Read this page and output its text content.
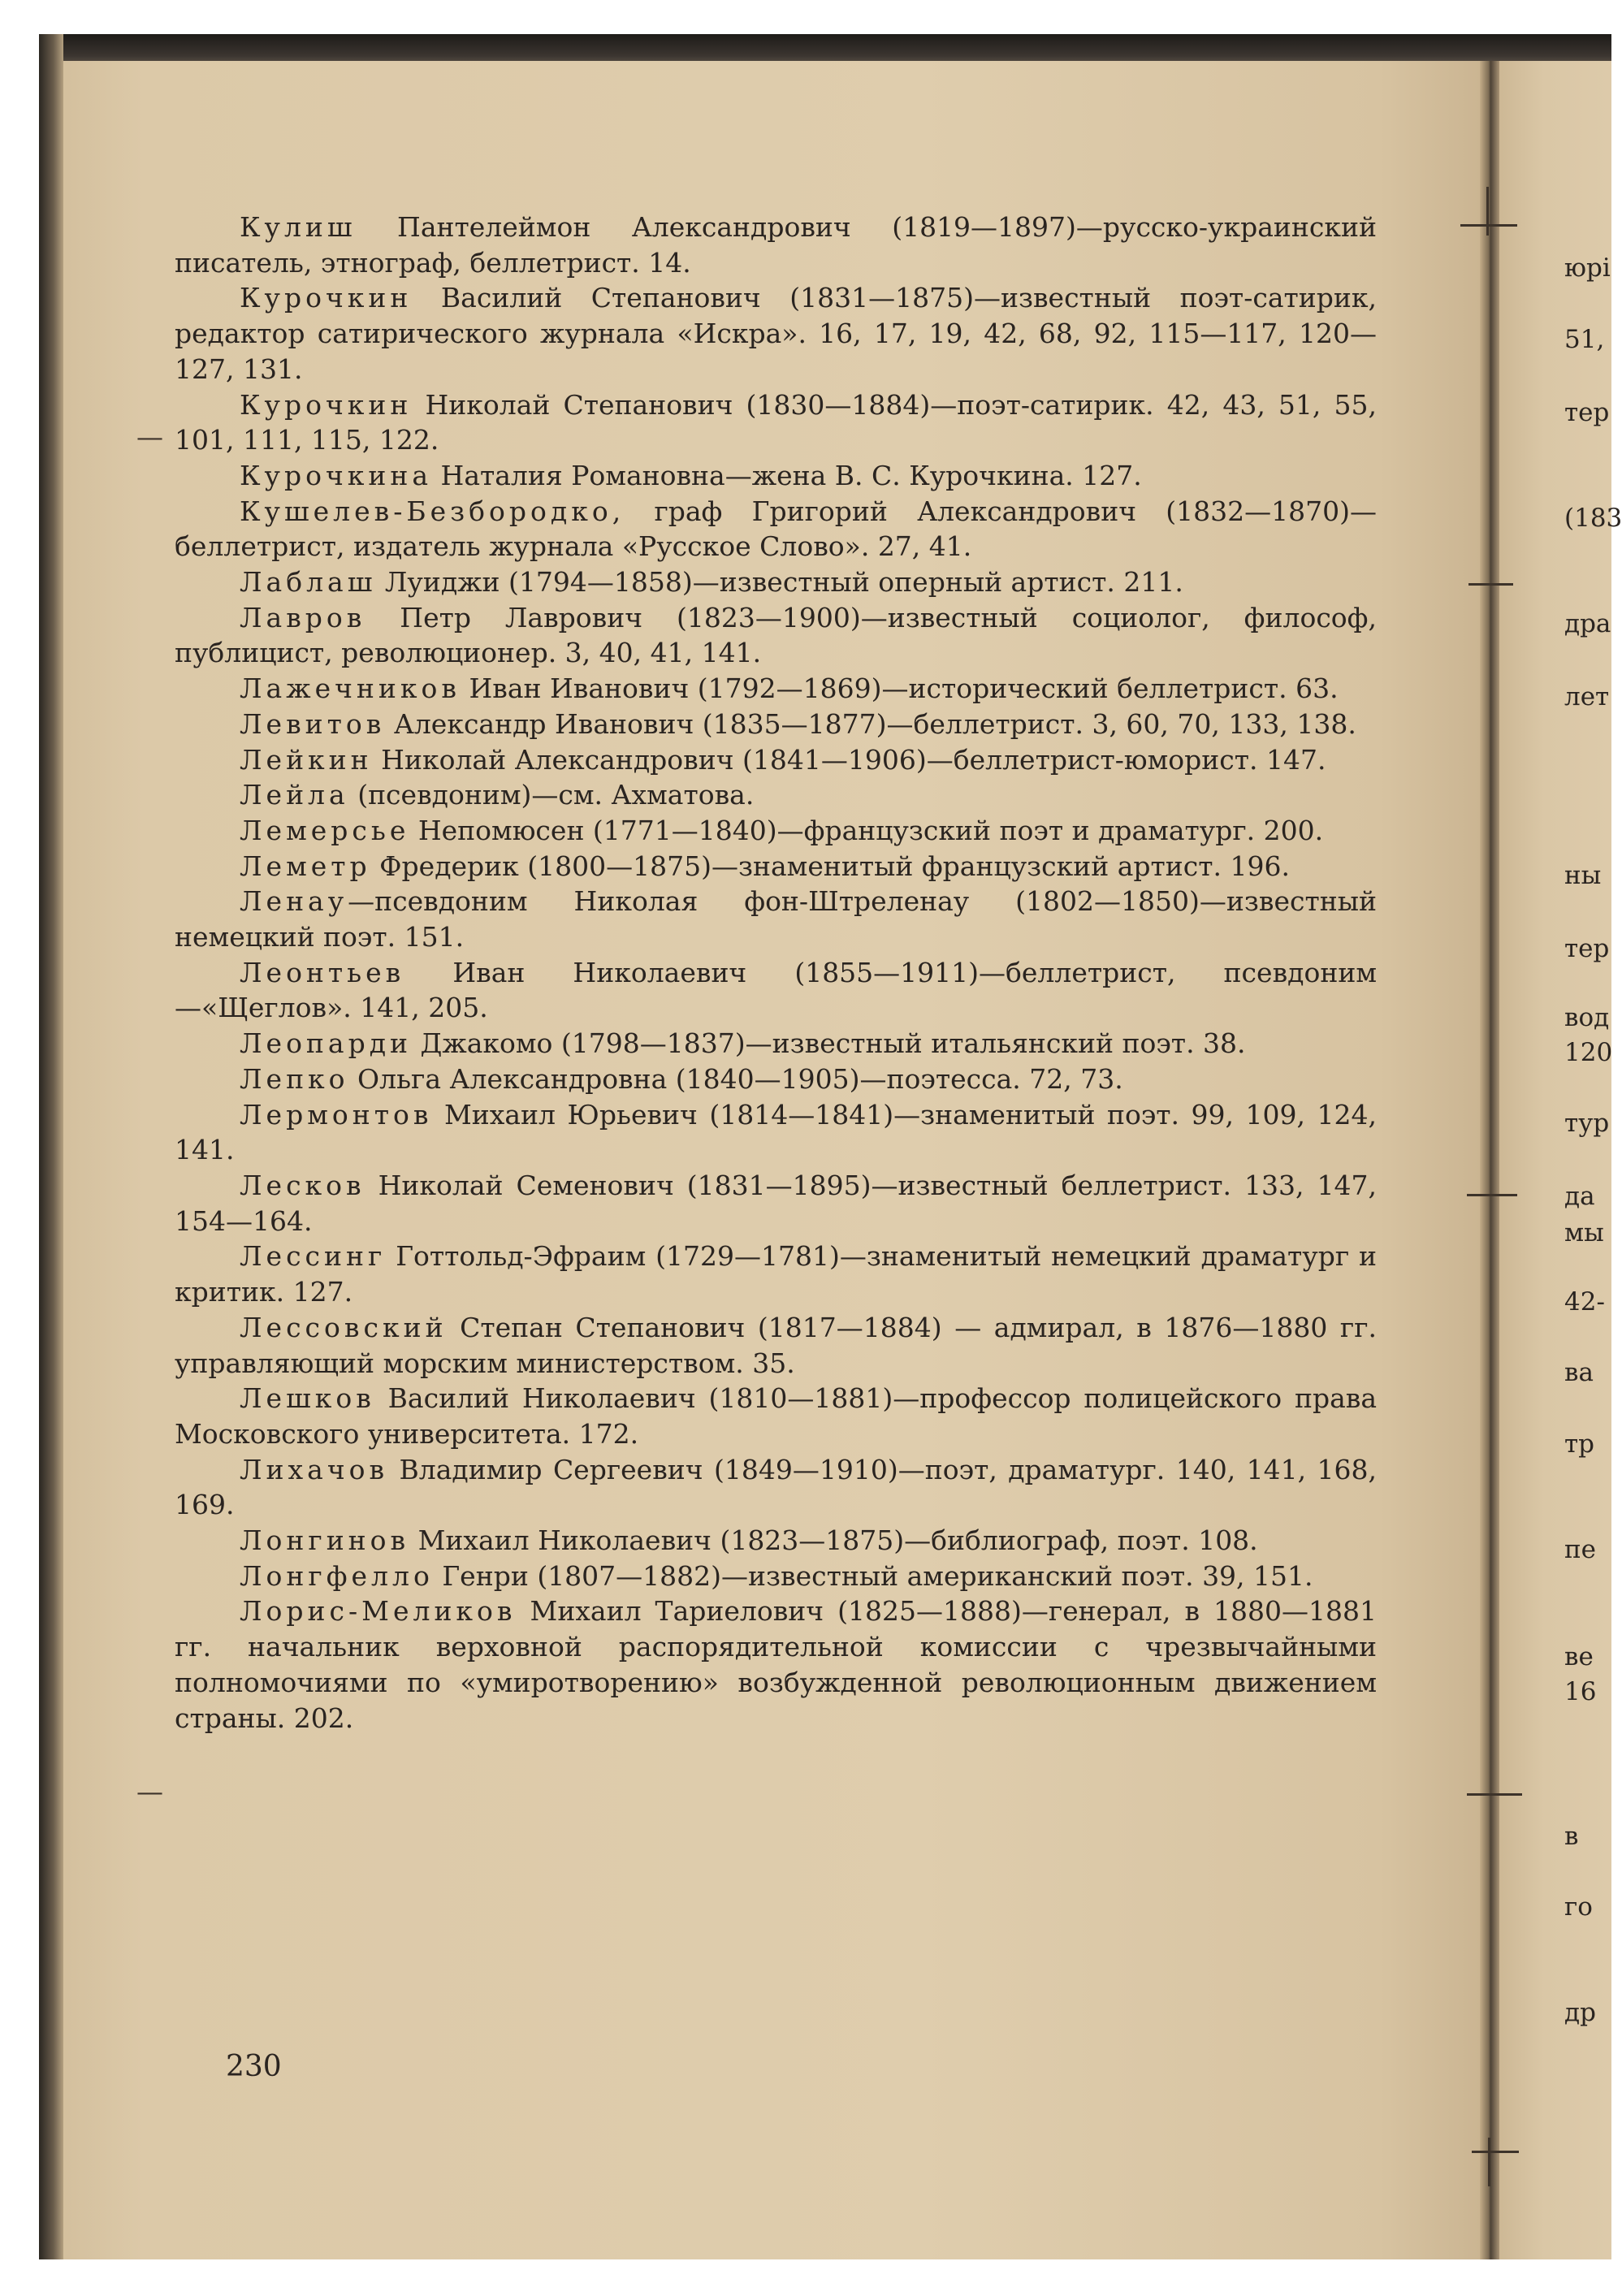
Кулиш Пантелеймон Александрович (1819—1897)—русско-украинский писатель, этнограф, беллетрист. 14.

Курочкин Василий Степанович (1831—1875)—известный поэт-сатирик, редактор сатирического журнала «Искра». 16, 17, 19, 42, 68, 92, 115—117, 120—127, 131.

Курочкин Николай Степанович (1830—1884)—поэт-сатирик. 42, 43, 51, 55, 101, 111, 115, 122.

Курочкина Наталия Романовна—жена В. С. Курочкина. 127.

Кушелев-Безбородко, граф Григорий Александрович (1832—1870)—беллетрист, издатель журнала «Русское Слово». 27, 41.

Лаблаш Луиджи (1794—1858)—известный оперный артист. 211.

Лавров Петр Лаврович (1823—1900)—известный социолог, философ, публицист, революционер. 3, 40, 41, 141.

Лажечников Иван Иванович (1792—1869)—исторический беллетрист. 63.

Левитов Александр Иванович (1835—1877)—беллетрист. 3, 60, 70, 133, 138.

Лейкин Николай Александрович (1841—1906)—беллетрист-юморист. 147.

Лейла (псевдоним)—см. Ахматова.

Лемерсье Непомюсен (1771—1840)—французский поэт и драматург. 200.

Леметр Фредерик (1800—1875)—знаменитый французский артист. 196.

Ленау—псевдоним Николая фон-Штреленау (1802—1850)—известный немецкий поэт. 151.

Леонтьев Иван Николаевич (1855—1911)—беллетрист, псевдоним—«Щеглов». 141, 205.

Леопарди Джакомо (1798—1837)—известный итальянский поэт. 38.

Лепко Ольга Александровна (1840—1905)—поэтесса. 72, 73.

Лермонтов Михаил Юрьевич (1814—1841)—знаменитый поэт. 99, 109, 124, 141.

Лесков Николай Семенович (1831—1895)—известный беллетрист. 133, 147, 154—164.

Лессинг Готтольд-Эфраим (1729—1781)—знаменитый немецкий драматург и критик. 127.

Лессовский Степан Степанович (1817—1884) — адмирал, в 1876—1880 гг. управляющий морским министерством. 35.

Лешков Василий Николаевич (1810—1881)—профессор полицейского права Московского университета. 172.

Лихачов Владимир Сергеевич (1849—1910)—поэт, драматург. 140, 141, 168, 169.

Лонгинов Михаил Николаевич (1823—1875)—библиограф, поэт. 108.

Лонгфелло Генри (1807—1882)—известный американский поэт. 39, 151.

Лорис-Меликов Михаил Тариелович (1825—1888)—генерал, в 1880—1881 гг. начальник верховной распорядительной комиссии с чрезвычайными полномочиями по «умиротворению» возбужденной революционным движением страны. 202.

230
—
—
юрі
51,
тер
(183
дра
лет
ны
тер
вод
120
тур
да
мы
42-
ва
тр
пе
ве
16
в
го
др
